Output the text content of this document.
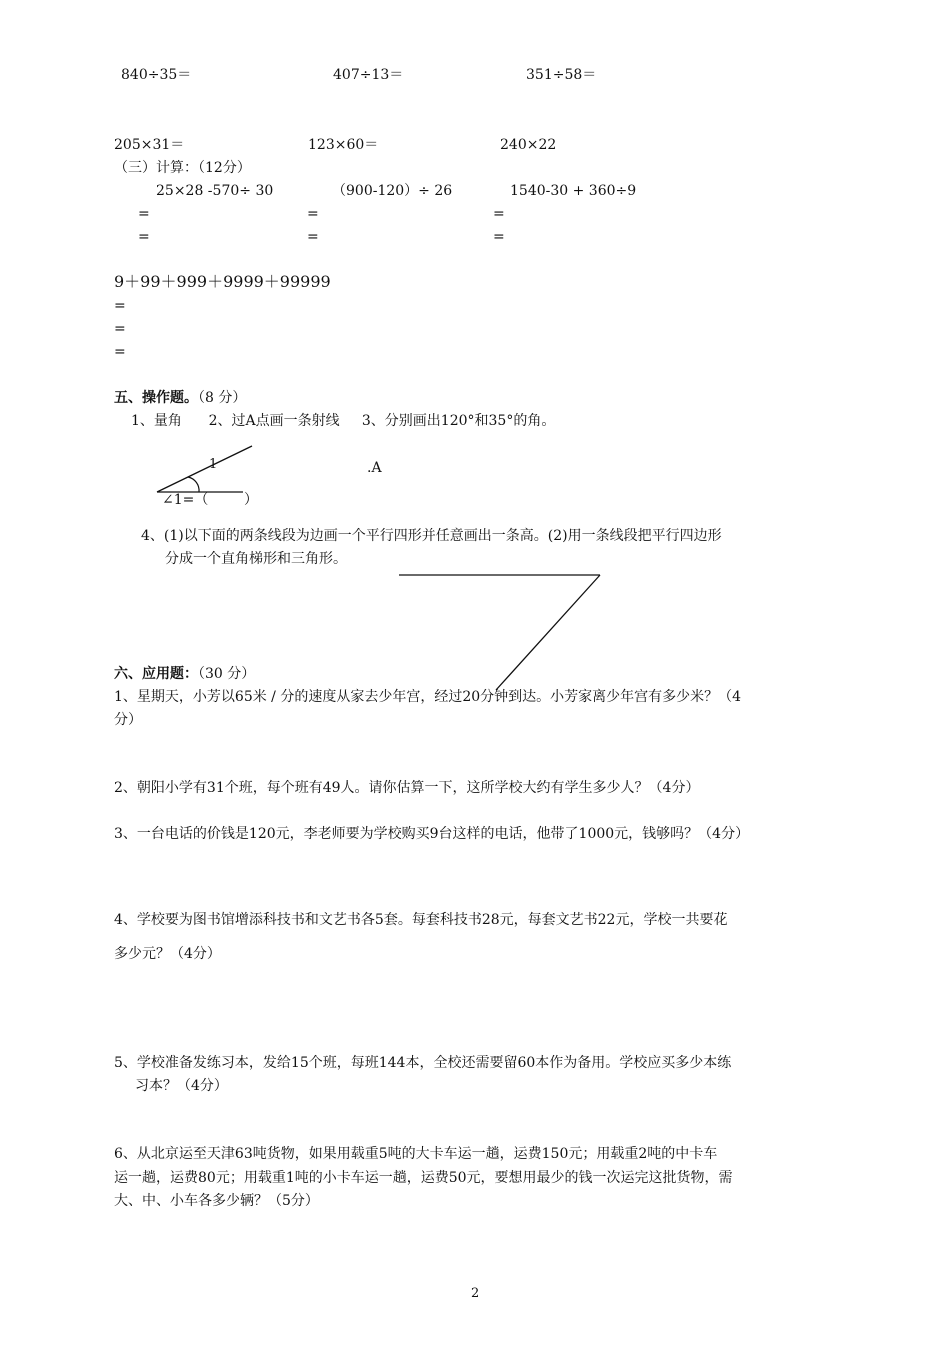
840÷35＝	407÷13＝	351÷58＝
205×31＝	123×60＝	240×22
（三）计算：（12分）
25×28 -570÷ 30	（900-120）÷ 26	1540-30 + 360÷9
=	=	=
=	=	=
9＋99＋999＋9999＋99999
=
=
=
五、操作题。（8 分）
1、量角      2、过A点画一条射线     3、分别画出120°和35°的角。
1
∠1=（        ）
.A
4、(1)以下面的两条线段为边画一个平行四形并任意画出一条高。(2)用一条线段把平行四边形
分成一个直角梯形和三角形。
六、应用题：（30 分）
1、星期天，小芳以65米 / 分的速度从家去少年宫，经过20分钟到达。小芳家离少年宫有多少米？（4
分）
2、朝阳小学有31个班，每个班有49人。请你估算一下，这所学校大约有学生多少人？（4分）
3、一台电话的价钱是120元，李老师要为学校购买9台这样的电话，他带了1000元，钱够吗？（4分）
4、学校要为图书馆增添科技书和文艺书各5套。每套科技书28元，每套文艺书22元，学校一共要花
多少元？（4分）
5、学校准备发练习本，发给15个班，每班144本，全校还需要留60本作为备用。学校应买多少本练
习本？（4分）
6、从北京运至天津63吨货物，如果用载重5吨的大卡车运一趟，运费150元；用载重2吨的中卡车
运一趟，运费80元；用载重1吨的小卡车运一趟，运费50元，要想用最少的钱一次运完这批货物，需
大、中、小车各多少辆？（5分）
2
